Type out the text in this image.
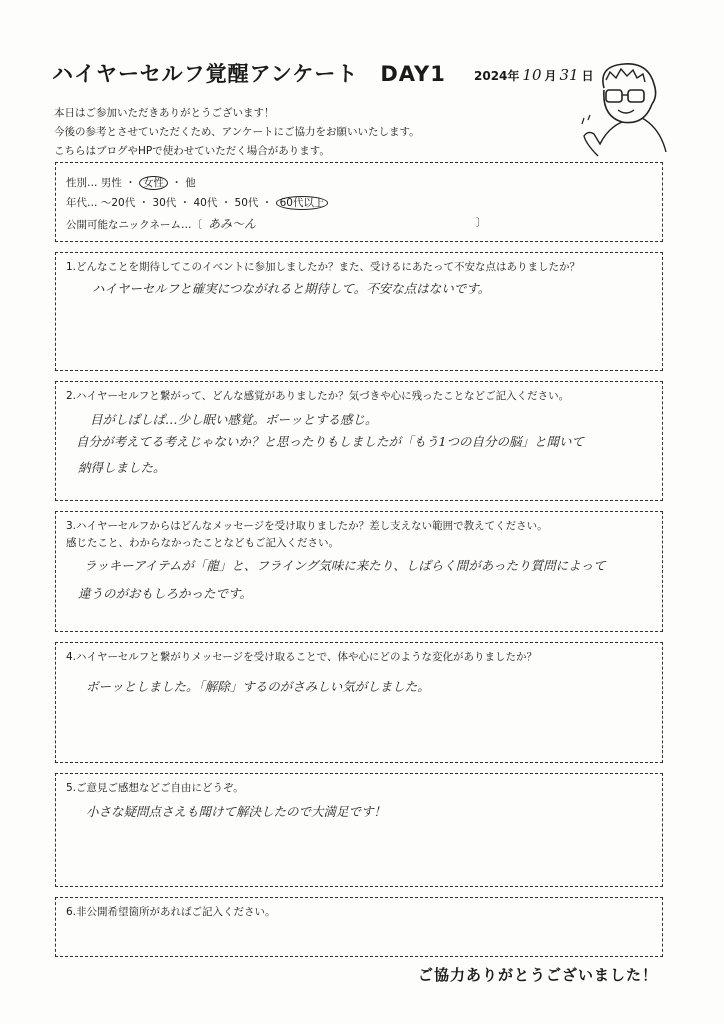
ハイヤーセルフ覚醒アンケート　DAY1 2024年 10 月 31 日
本日はご参加いただきありがとうございます！
今後の参考とさせていただくため、アンケートにご協力をお願いいたします。
こちらはブログやHPで使わせていただく場合があります。
性別… 男性 ・ 女性 ・ 他
年代… ～20代 ・ 30代 ・ 40代 ・ 50代 ・ 60代以上
公開可能なニックネーム…〔 あみ～ん	〕
1.どんなことを期待してこのイベントに参加しましたか？また、受けるにあたって不安な点はありましたか？
ハイヤーセルフと確実につながれると期待して。不安な点はないです。
2.ハイヤーセルフと繋がって、どんな感覚がありましたか？気づきや心に残ったことなどご記入ください。
目がしぱしぱ…少し眠い感覚。ボーッとする感じ。
自分が考えてる考えじゃないか？と思ったりもしましたが「もう1つの自分の脳」と聞いて
納得しました。
3.ハイヤーセルフからはどんなメッセージを受け取りましたか？差し支えない範囲で教えてください。
感じたこと、わからなかったことなどもご記入ください。
ラッキーアイテムが「龍」と、フライング気味に来たり、しばらく間があったり質問によって
違うのがおもしろかったです。
4.ハイヤーセルフと繋がりメッセージを受け取ることで、体や心にどのような変化がありましたか？
ボーッとしました。「解除」するのがさみしい気がしました。
5.ご意見ご感想などご自由にどうぞ。
小さな疑問点さえも聞けて解決したので大満足です！
6.非公開希望箇所があればご記入ください。
ご協力ありがとうございました！
